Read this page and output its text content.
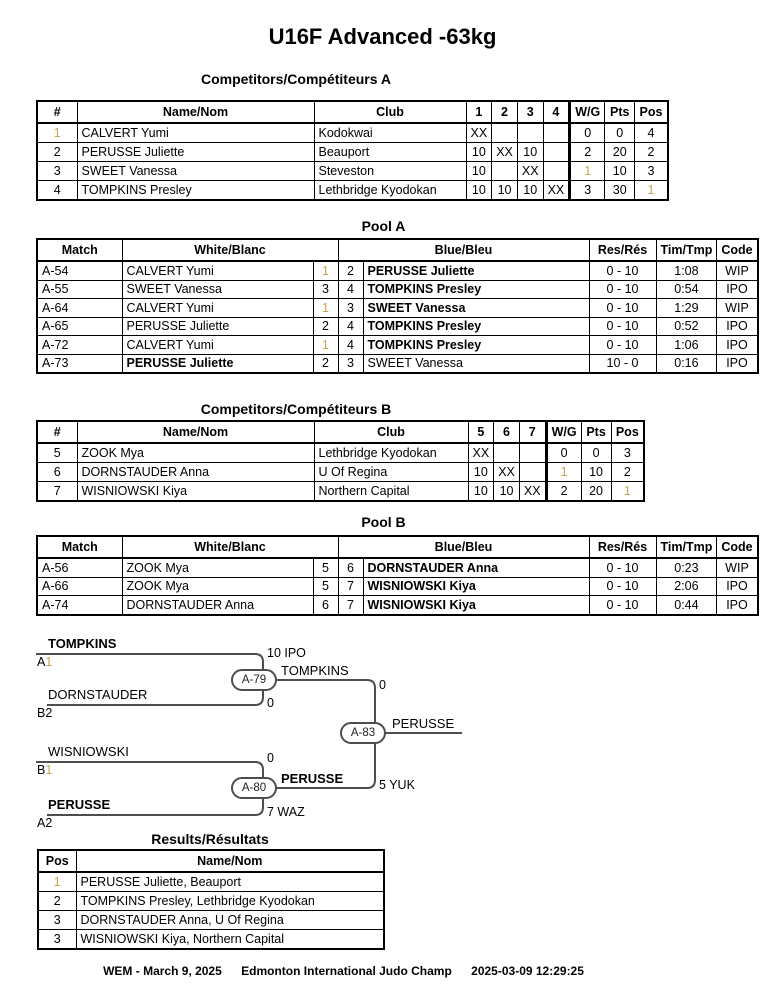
U16F Advanced -63kg
Competitors/Compétiteurs A
#	Name/Nom	Club	1	2	3	4	W/G	Pts	Pos
1	CALVERT Yumi	Kodokwai	XX				0	0	4
2	PERUSSE Juliette	Beauport	10	XX	10		2	20	2
3	SWEET Vanessa	Steveston	10		XX		1	10	3
4	TOMPKINS Presley	Lethbridge Kyodokan	10	10	10	XX	3	30	1
Pool A
Match	White/Blanc		Blue/Bleu		Res/Rés	Tim/Tmp	Code
A-54	CALVERT Yumi	1	2	PERUSSE Juliette	0 - 10	1:08	WIP
A-55	SWEET Vanessa	3	4	TOMPKINS Presley	0 - 10	0:54	IPO
A-64	CALVERT Yumi	1	3	SWEET Vanessa	0 - 10	1:29	WIP
A-65	PERUSSE Juliette	2	4	TOMPKINS Presley	0 - 10	0:52	IPO
A-72	CALVERT Yumi	1	4	TOMPKINS Presley	0 - 10	1:06	IPO
A-73	PERUSSE Juliette	2	3	SWEET Vanessa	10 - 0	0:16	IPO
Competitors/Compétiteurs B
#	Name/Nom	Club	5	6	7	W/G	Pts	Pos
5	ZOOK Mya	Lethbridge Kyodokan	XX			0	0	3
6	DORNSTAUDER Anna	U Of Regina	10	XX		1	10	2
7	WISNIOWSKI Kiya	Northern Capital	10	10	XX	2	20	1
Pool B
Match	White/Blanc		Blue/Bleu		Res/Rés	Tim/Tmp	Code
A-56	ZOOK Mya	5	6	DORNSTAUDER Anna	0 - 10	0:23	WIP
A-66	ZOOK Mya	5	7	WISNIOWSKI Kiya	0 - 10	2:06	IPO
A-74	DORNSTAUDER Anna	6	7	WISNIOWSKI Kiya	0 - 10	0:44	IPO
A-79
A-80
A-83
TOMPKINS
A1
10 IPO
DORNSTAUDER
B2
0
TOMPKINS
0
PERUSSE
WISNIOWSKI
B1
0
PERUSSE
A2
7 WAZ
PERUSSE	5 YUK
Results/Résultats
Pos	Name/Nom
1	PERUSSE Juliette, Beauport
2	TOMPKINS Presley, Lethbridge Kyodokan
3	DORNSTAUDER Anna, U Of Regina
3	WISNIOWSKI Kiya, Northern Capital
WEM - March 9, 2025 Edmonton International Judo Champ 2025-03-09 12:29:25
